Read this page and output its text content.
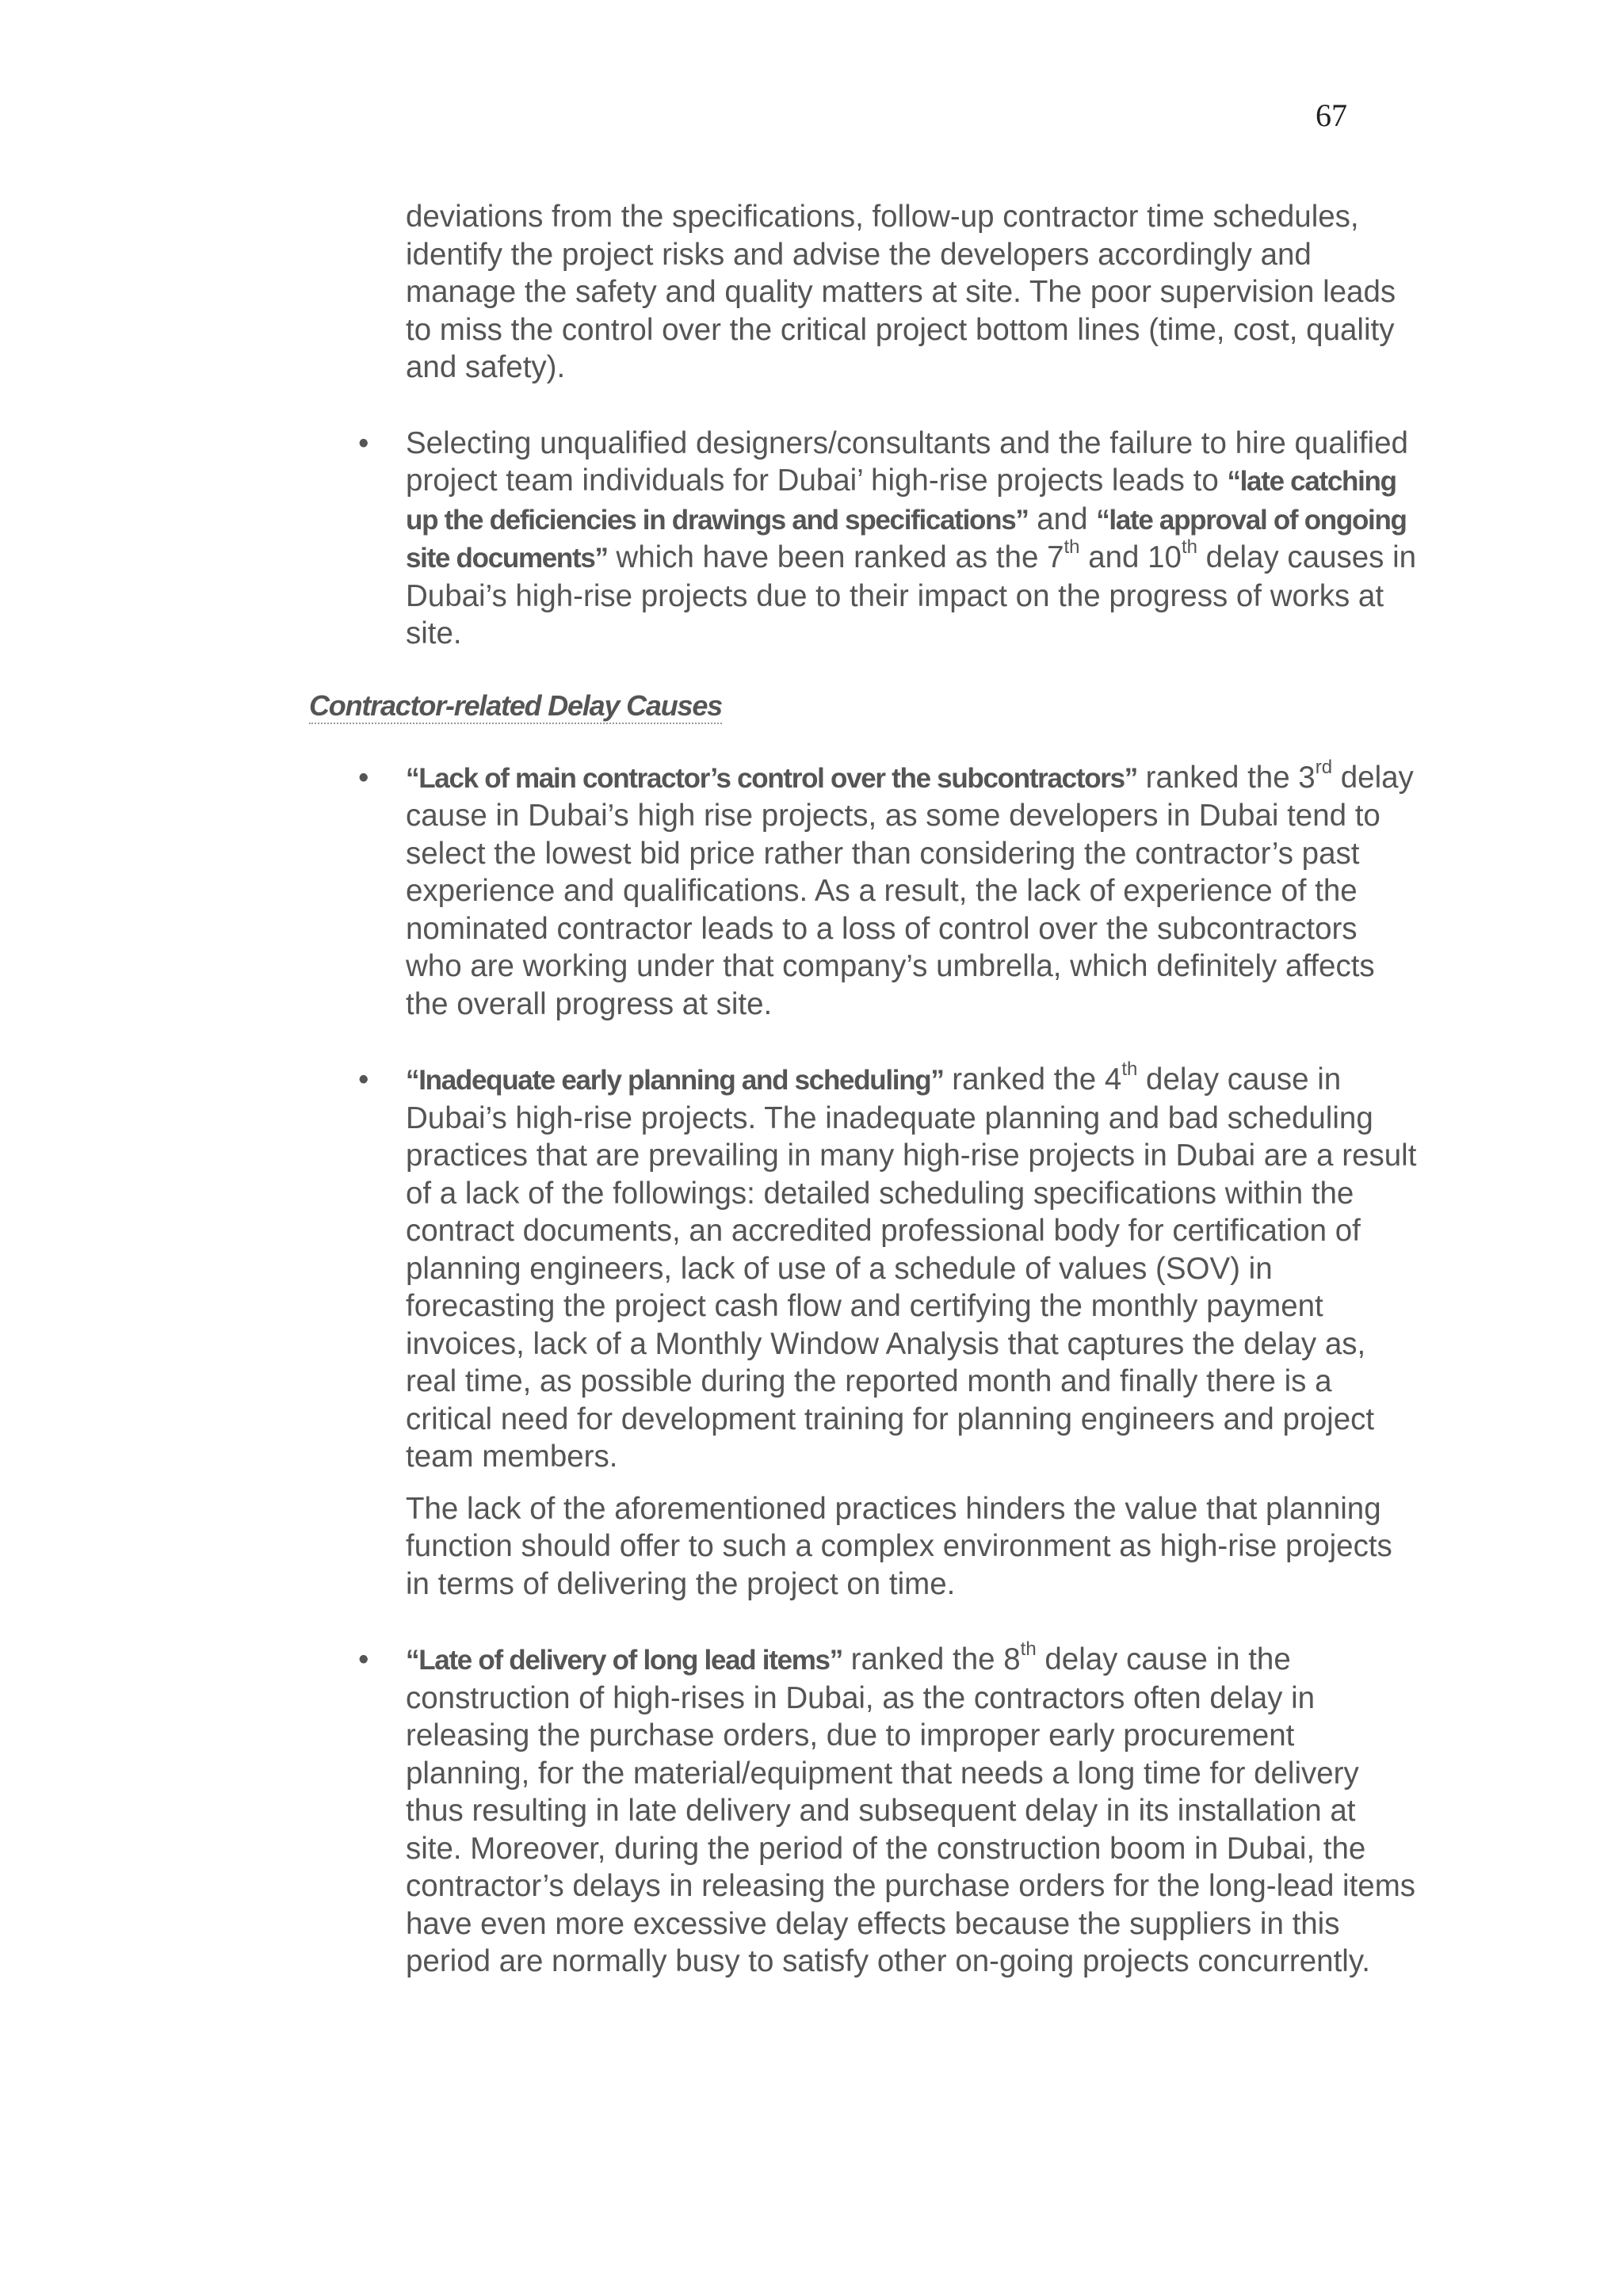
67

deviations from the specifications, follow-up contractor time schedules, identify the project risks and advise the developers accordingly and manage the safety and quality matters at site. The poor supervision leads to miss the control over the critical project bottom lines (time, cost, quality and safety).

• Selecting unqualified designers/consultants and the failure to hire qualified project team individuals for Dubai’ high-rise projects leads to “late catching up the deficiencies in drawings and specifications” and “late approval of ongoing site documents” which have been ranked as the 7th and 10th delay causes in Dubai’s high-rise projects due to their impact on the progress of works at site.

Contractor-related Delay Causes

• “Lack of main contractor’s control over the subcontractors” ranked the 3rd delay cause in Dubai’s high rise projects, as some developers in Dubai tend to select the lowest bid price rather than considering the contractor’s past experience and qualifications. As a result, the lack of experience of the nominated contractor leads to a loss of control over the subcontractors who are working under that company’s umbrella, which definitely affects the overall progress at site.

• “Inadequate early planning and scheduling” ranked the 4th delay cause in Dubai’s high-rise projects. The inadequate planning and bad scheduling practices that are prevailing in many high-rise projects in Dubai are a result of a lack of the followings: detailed scheduling specifications within the contract documents, an accredited professional body for certification of planning engineers, lack of use of a schedule of values (SOV) in forecasting the project cash flow and certifying the monthly payment invoices, lack of a Monthly Window Analysis that captures the delay as, real time, as possible during the reported month and finally there is a critical need for development training for planning engineers and project team members.

The lack of the aforementioned practices hinders the value that planning function should offer to such a complex environment as high-rise projects in terms of delivering the project on time.

• “Late of delivery of long lead items” ranked the 8th delay cause in the construction of high-rises in Dubai, as the contractors often delay in releasing the purchase orders, due to improper early procurement planning, for the material/equipment that needs a long time for delivery thus resulting in late delivery and subsequent delay in its installation at site. Moreover, during the period of the construction boom in Dubai, the contractor’s delays in releasing the purchase orders for the long-lead items have even more excessive delay effects because the suppliers in this period are normally busy to satisfy other on-going projects concurrently.
